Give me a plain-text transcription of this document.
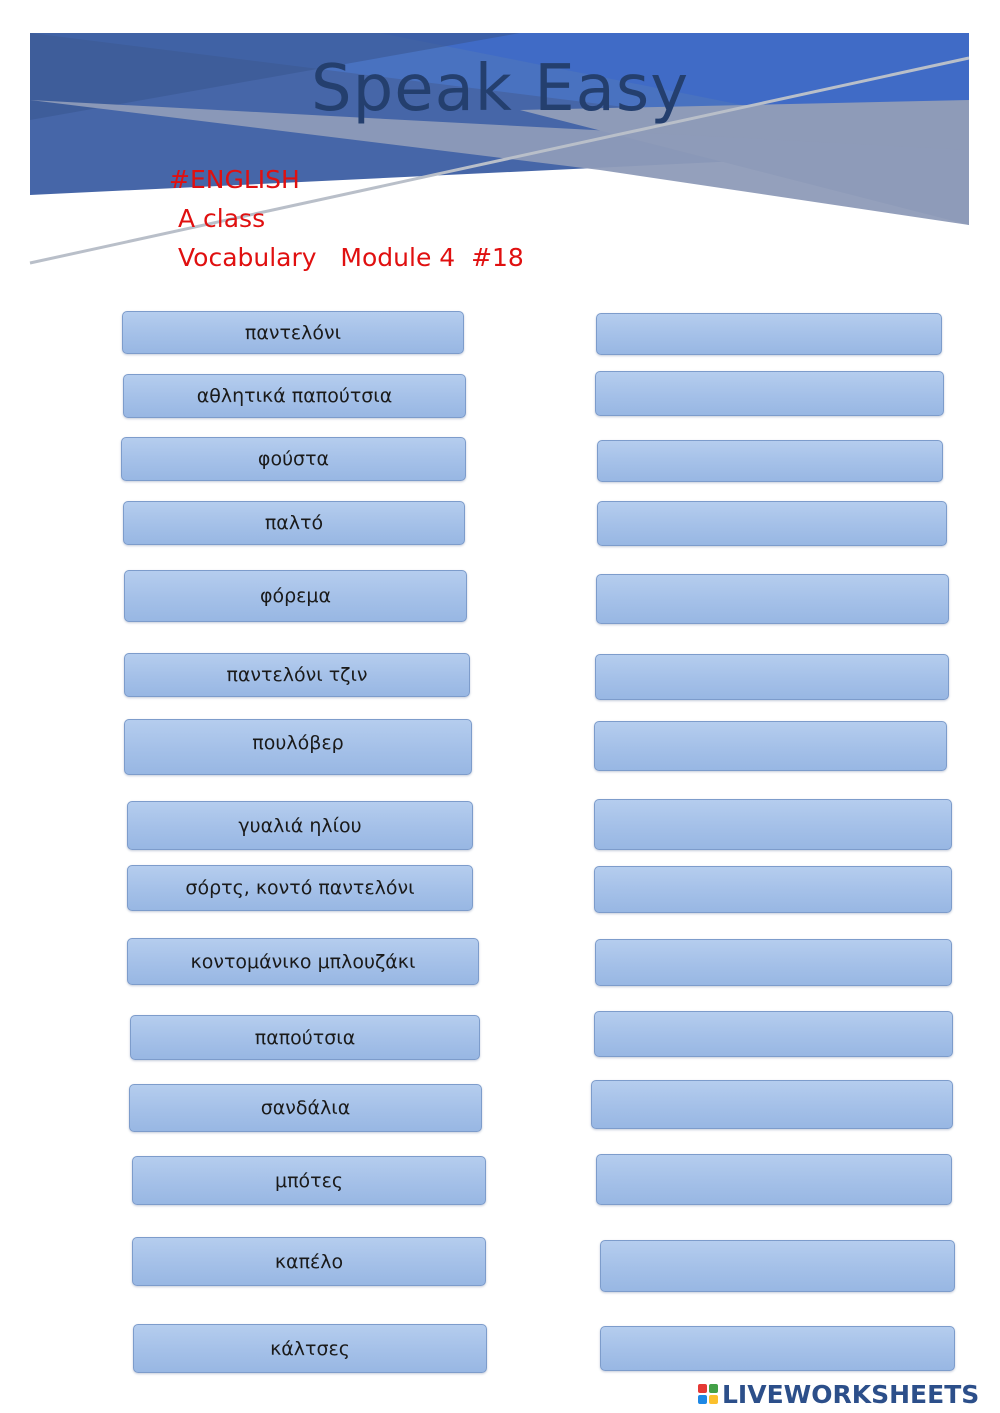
Speak Easy
#ENGLISH
A class
Vocabulary   Module 4  #18
παντελόνι
αθλητικά παπούτσια
φούστα
παλτό
φόρεμα
παντελόνι τζιν
πουλόβερ
γυαλιά ηλίου
σόρτς, κοντό παντελόνι
κοντομάνικο μπλουζάκι
παπούτσια
σανδάλια
μπότες
καπέλο
κάλτσες
LIVEWORKSHEETS
